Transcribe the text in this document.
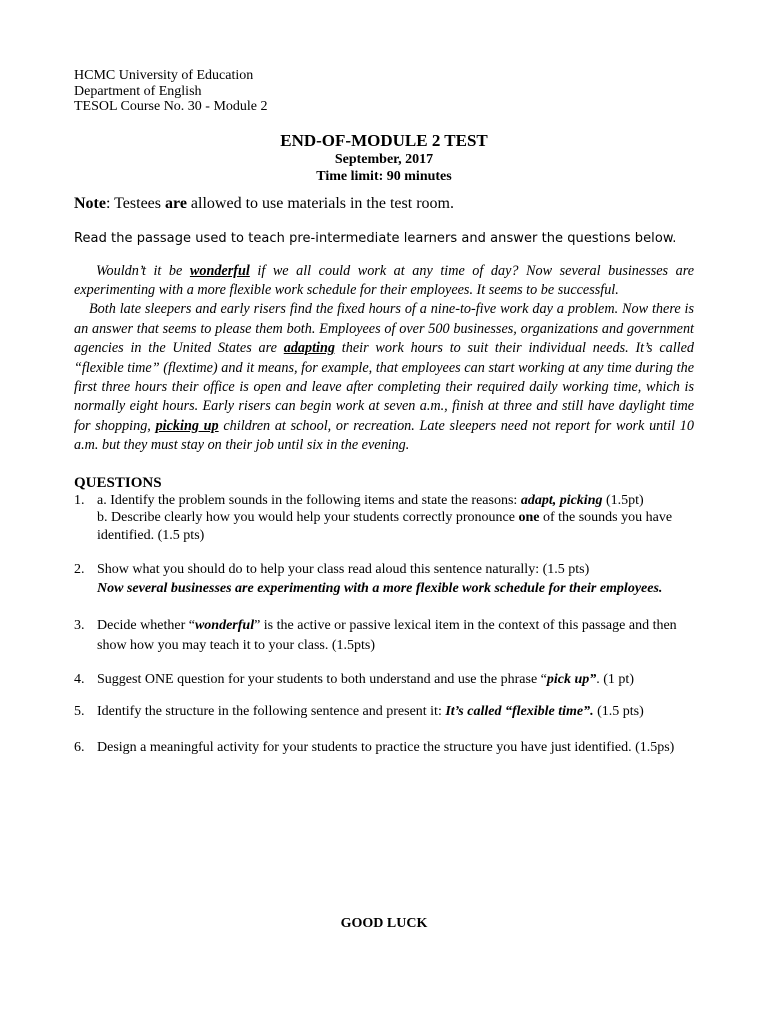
HCMC University of Education
Department of English
TESOL Course No. 30 - Module 2
END-OF-MODULE 2 TEST
September, 2017
Time limit: 90 minutes
Note: Testees are allowed to use materials in the test room.
Read the passage used to teach pre-intermediate learners and answer the questions below.

Wouldn’t it be wonderful if we all could work at any time of day? Now several businesses are experimenting with a more flexible work schedule for their employees. It seems to be successful.

Both late sleepers and early risers find the fixed hours of a nine-to-five work day a problem. Now there is an answer that seems to please them both. Employees of over 500 businesses, organizations and government agencies in the United States are adapting their work hours to suit their individual needs. It’s called “flexible time” (flextime) and it means, for example, that employees can start working at any time during the first three hours their office is open and leave after completing their required daily working time, which is normally eight hours. Early risers can begin work at seven a.m., finish at three and still have daylight time for shopping, picking up children at school, or recreation. Late sleepers need not report for work until 10 a.m. but they must stay on their job until six in the evening.

QUESTIONS
1. a. Identify the problem sounds in the following items and state the reasons: adapt, picking (1.5pt)
b. Describe clearly how you would help your students correctly pronounce one of the sounds you have identified. (1.5 pts)
2. Show what you should do to help your class read aloud this sentence naturally: (1.5 pts)
Now several businesses are experimenting with a more flexible work schedule for their employees.
3. Decide whether “wonderful” is the active or passive lexical item in the context of this passage and then show how you may teach it to your class. (1.5pts)
4. Suggest ONE question for your students to both understand and use the phrase “pick up”. (1 pt)
5. Identify the structure in the following sentence and present it: It’s called “flexible time”. (1.5 pts)
6. Design a meaningful activity for your students to practice the structure you have just identified. (1.5ps)
GOOD LUCK
